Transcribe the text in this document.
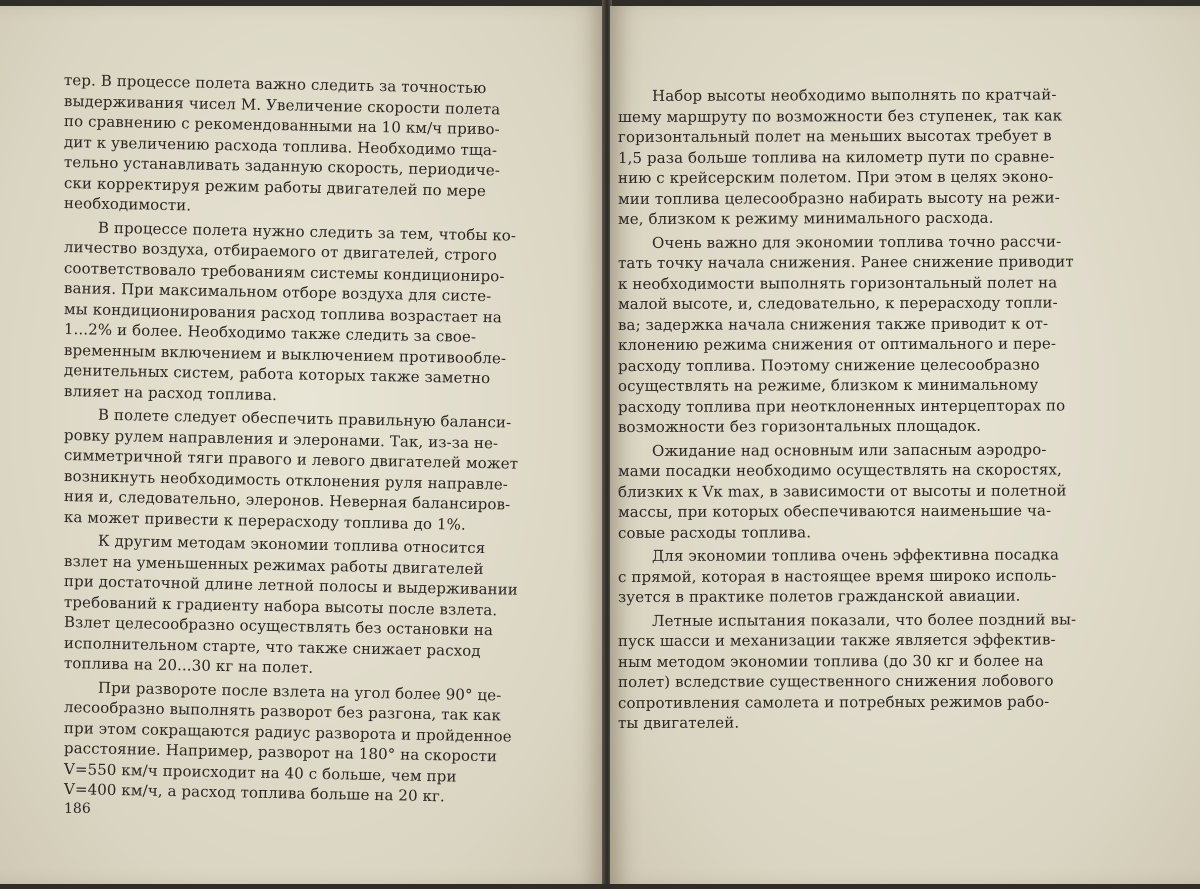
тер. В процессе полета важно следить за точностью
выдерживания чисел М. Увеличение скорости полета
по сравнению с рекомендованными на 10 км/ч приво-
дит к увеличению расхода топлива. Необходимо тща-
тельно устанавливать заданную скорость, периодиче-
ски корректируя режим работы двигателей по мере
необходимости.
В процессе полета нужно следить за тем, чтобы ко-
личество воздуха, отбираемого от двигателей, строго
соответствовало требованиям системы кондициониро-
вания. При максимальном отборе воздуха для систе-
мы кондиционирования расход топлива возрастает на
1...2% и более. Необходимо также следить за свое-
временным включением и выключением противообле-
денительных систем, работа которых также заметно
влияет на расход топлива.
В полете следует обеспечить правильную баланси-
ровку рулем направления и элеронами. Так, из-за не-
симметричной тяги правого и левого двигателей может
возникнуть необходимость отклонения руля направле-
ния и, следовательно, элеронов. Неверная балансиров-
ка может привести к перерасходу топлива до 1%.
К другим методам экономии топлива относится
взлет на уменьшенных режимах работы двигателей
при достаточной длине летной полосы и выдерживании
требований к градиенту набора высоты после взлета.
Взлет целесообразно осуществлять без остановки на
исполнительном старте, что также снижает расход
топлива на 20...30 кг на полет.
При развороте после взлета на угол более 90° це-
лесообразно выполнять разворот без разгона, так как
при этом сокращаются радиус разворота и пройденное
расстояние. Например, разворот на 180° на скорости
V=550 км/ч происходит на 40 с больше, чем при
V=400 км/ч, а расход топлива больше на 20 кг.
186
Набор высоты необходимо выполнять по кратчай-
шему маршруту по возможности без ступенек, так как
горизонтальный полет на меньших высотах требует в
1,5 раза больше топлива на километр пути по сравне-
нию с крейсерским полетом. При этом в целях эконо-
мии топлива целесообразно набирать высоту на режи-
ме, близком к режиму минимального расхода.
Очень важно для экономии топлива точно рассчи-
тать точку начала снижения. Ранее снижение приводит
к необходимости выполнять горизонтальный полет на
малой высоте, и, следовательно, к перерасходу топли-
ва; задержка начала снижения также приводит к от-
клонению режима снижения от оптимального и пере-
расходу топлива. Поэтому снижение целесообразно
осуществлять на режиме, близком к минимальному
расходу топлива при неотклоненных интерцепторах по
возможности без горизонтальных площадок.
Ожидание над основным или запасным аэродро-
мами посадки необходимо осуществлять на скоростях,
близких к Vк max, в зависимости от высоты и полетной
массы, при которых обеспечиваются наименьшие ча-
совые расходы топлива.
Для экономии топлива очень эффективна посадка
с прямой, которая в настоящее время широко исполь-
зуется в практике полетов гражданской авиации.
Летные испытания показали, что более поздний вы-
пуск шасси и механизации также является эффектив-
ным методом экономии топлива (до 30 кг и более на
полет) вследствие существенного снижения лобового
сопротивления самолета и потребных режимов рабо-
ты двигателей.
